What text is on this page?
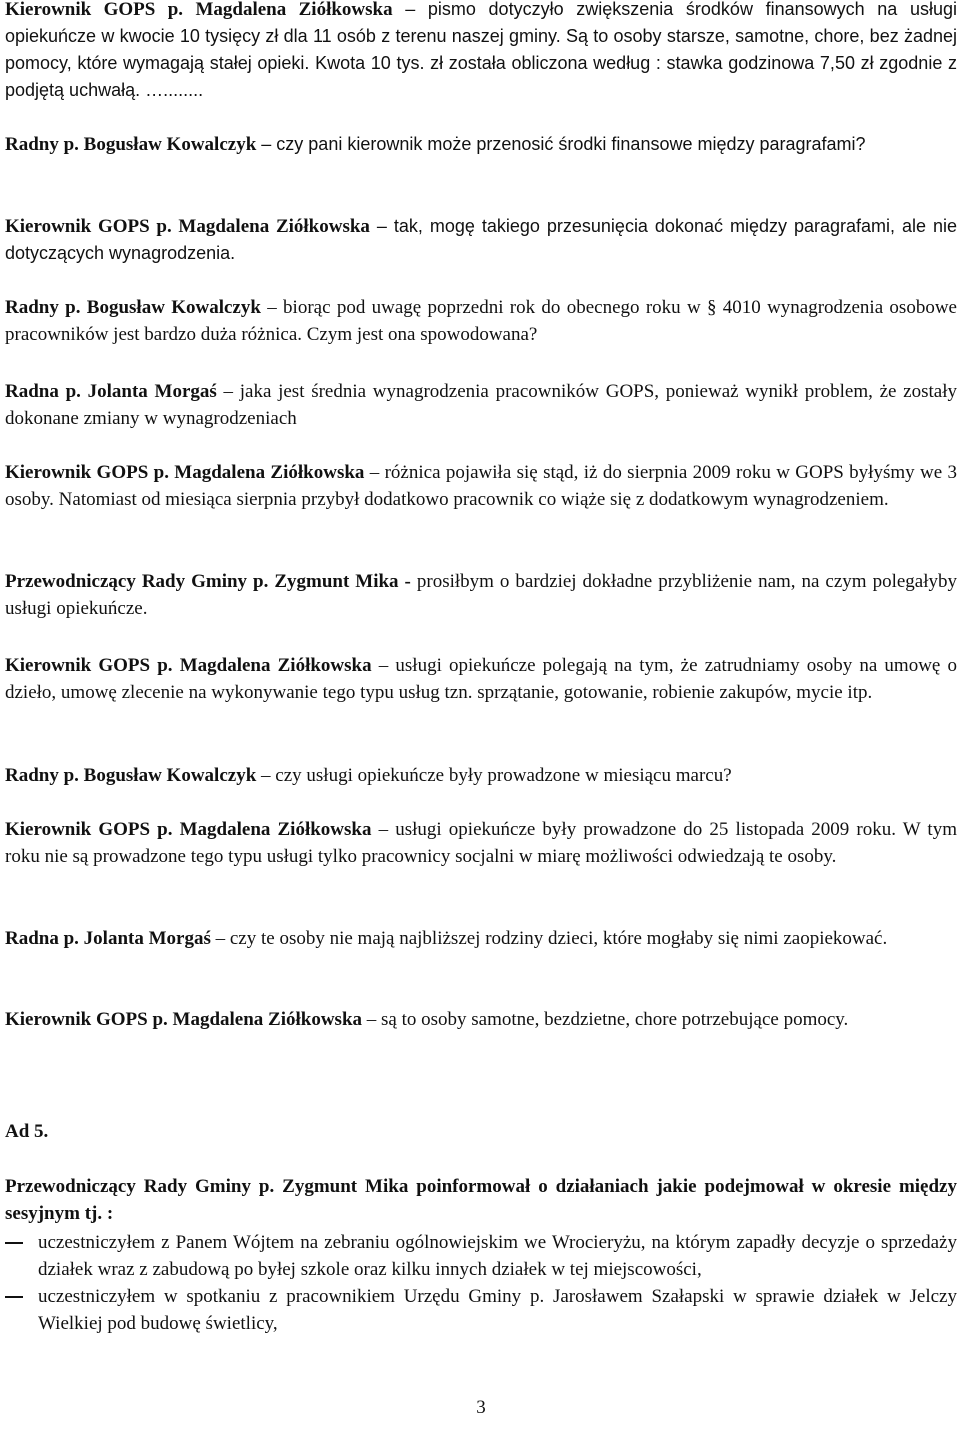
Kierownik GOPS p. Magdalena Ziółkowska – pismo dotyczyło zwiększenia środków finansowych na usługi opiekuńcze w kwocie 10 tysięcy zł dla 11 osób z terenu naszej gminy. Są to osoby starsze, samotne, chore, bez żadnej pomocy, które wymagają stałej opieki. Kwota 10 tys. zł została obliczona według : stawka godzinowa 7,50 zł zgodnie z podjętą uchwałą. …........

Radny p. Bogusław Kowalczyk – czy pani kierownik może przenosić środki finansowe między paragrafami?

Kierownik GOPS p. Magdalena Ziółkowska – tak, mogę takiego przesunięcia dokonać między paragrafami, ale nie dotyczących wynagrodzenia.

Radny p. Bogusław Kowalczyk – biorąc pod uwagę poprzedni rok do obecnego roku w § 4010 wynagrodzenia osobowe pracowników jest bardzo duża różnica. Czym jest ona spowodowana?

Radna p. Jolanta Morgaś – jaka jest średnia wynagrodzenia pracowników GOPS, ponieważ wynikł problem, że zostały dokonane zmiany w wynagrodzeniach

Kierownik GOPS p. Magdalena Ziółkowska – różnica pojawiła się stąd, iż do sierpnia 2009 roku w GOPS byłyśmy we 3 osoby. Natomiast od miesiąca sierpnia przybył dodatkowo pracownik co wiąże się z dodatkowym wynagrodzeniem.

Przewodniczący Rady Gminy p. Zygmunt Mika - prosiłbym o bardziej dokładne przybliżenie nam, na czym polegałyby usługi opiekuńcze.

Kierownik GOPS p. Magdalena Ziółkowska – usługi opiekuńcze polegają na tym, że zatrudniamy osoby na umowę o dzieło, umowę zlecenie na wykonywanie tego typu usług tzn. sprzątanie, gotowanie, robienie zakupów, mycie itp.

Radny p. Bogusław Kowalczyk – czy usługi opiekuńcze były prowadzone w miesiącu marcu?

Kierownik GOPS p. Magdalena Ziółkowska – usługi opiekuńcze były prowadzone do 25 listopada 2009 roku. W tym roku nie są prowadzone tego typu usługi tylko pracownicy socjalni w miarę możliwości odwiedzają te osoby.

Radna p. Jolanta Morgaś – czy te osoby nie mają najbliższej rodziny dzieci, które mogłaby się nimi zaopiekować.

Kierownik GOPS p. Magdalena Ziółkowska – są to osoby samotne, bezdzietne, chore potrzebujące pomocy.

Ad 5.

Przewodniczący Rady Gminy p. Zygmunt Mika poinformował o działaniach jakie podejmował w okresie między sesyjnym tj. :

uczestniczyłem z Panem Wójtem na zebraniu ogólnowiejskim we Wrocieryżu, na którym zapadły decyzje o sprzedaży działek wraz z zabudową po byłej szkole oraz kilku innych działek w tej miejscowości,
uczestniczyłem w spotkaniu z pracownikiem Urzędu Gminy p. Jarosławem Szałapski w sprawie działek w Jelczy Wielkiej pod budowę świetlicy,
3
